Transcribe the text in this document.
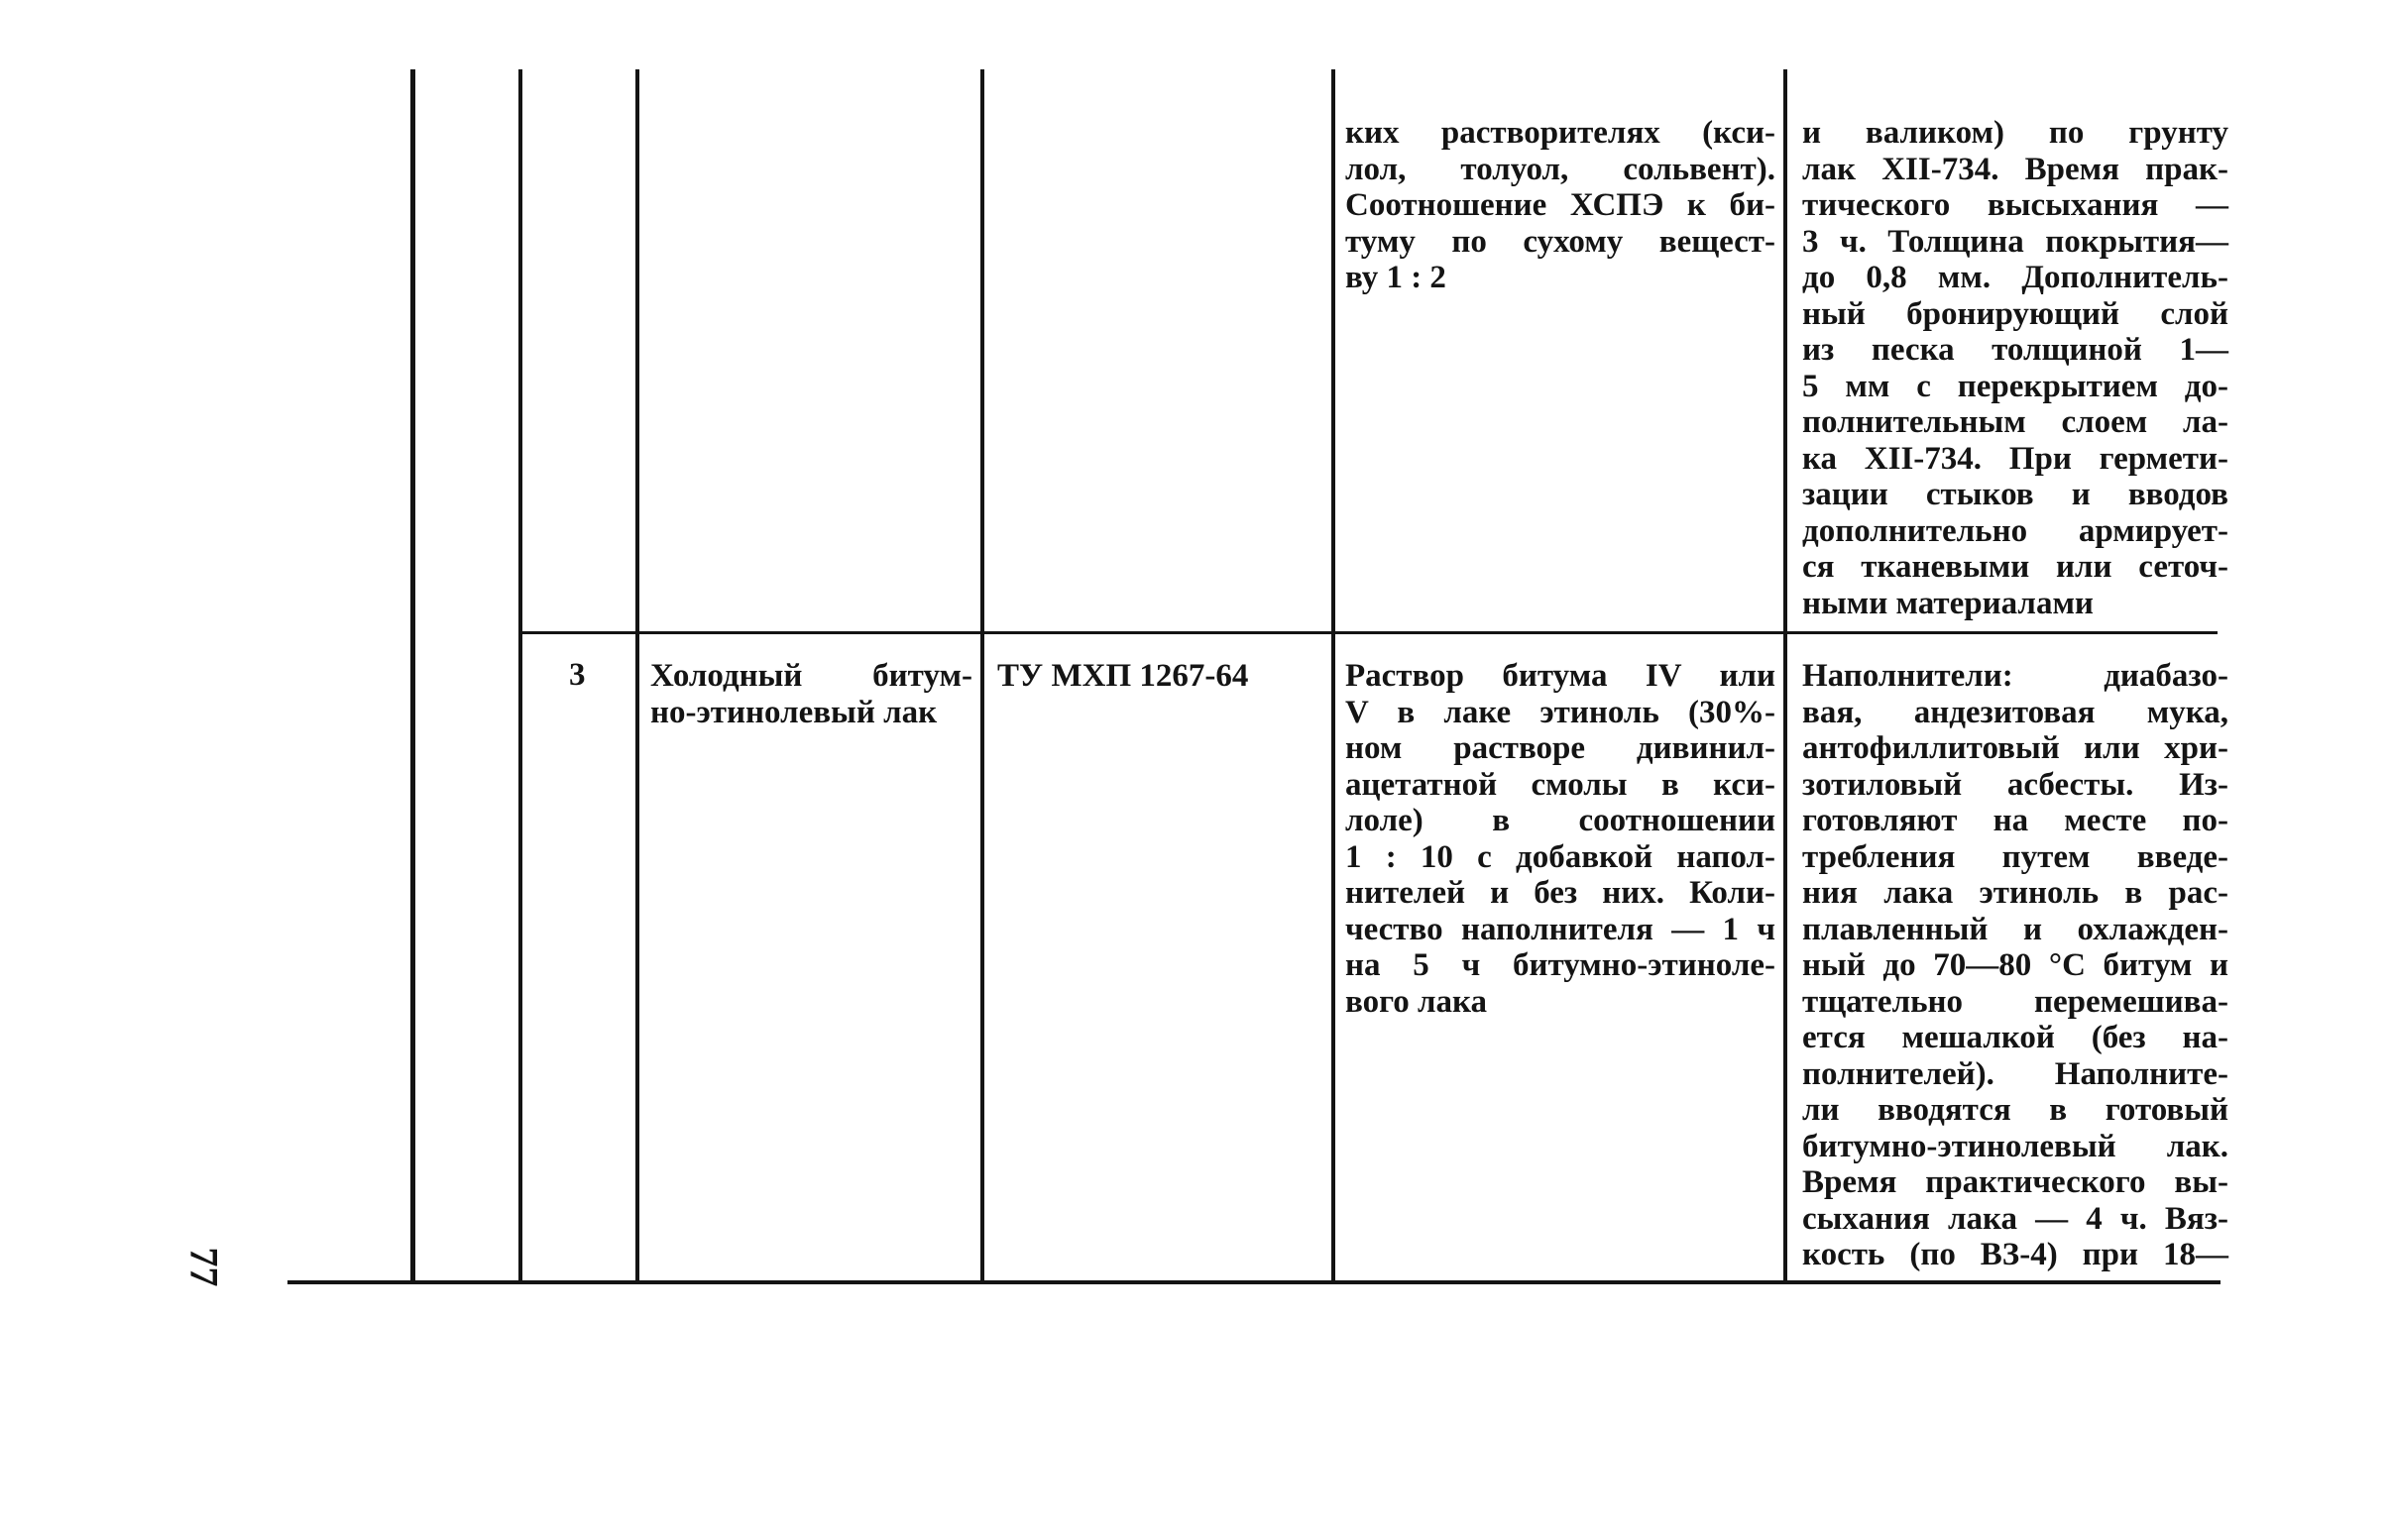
ких растворителях (кси-
лол, толуол, сольвент).
Соотношение ХСПЭ к би-
туму по сухому вещест-
ву 1 : 2
и валиком) по грунту
лак ХII-734. Время прак-
тического высыхания —
3 ч. Толщина покрытия—
до 0,8 мм. Дополнитель-
ный бронирующий слой
из песка толщиной 1—
5 мм с перекрытием до-
полнительным слоем ла-
ка ХII-734. При гермети-
зации стыков и вводов
дополнительно армирует-
ся тканевыми или сеточ-
ными материалами
3 Холодный битум-
но-этинолевый лак
ТУ МХП 1267-64	Раствор битума IV или
V в лаке этиноль (30%-
ном растворе дивинил-
ацетатной смолы в кси-
лоле) в соотношении
1 : 10 с добавкой напол-
нителей и без них. Коли-
чество наполнителя — 1 ч
на 5 ч битумно-этиноле-
вого лака
Наполнители: диабазо-
вая, андезитовая мука,
антофиллитовый или хри-
зотиловый асбесты. Из-
готовляют на месте по-
требления путем введе-
ния лака этиноль в рас-
плавленный и охлажден-
ный до 70—80 °С битум и
тщательно перемешива-
ется мешалкой (без на-
полнителей). Наполните-
ли вводятся в готовый
битумно-этинолевый лак.
Время практического вы-
сыхания лака — 4 ч. Вяз-
кость (по ВЗ-4) при 18—
77
